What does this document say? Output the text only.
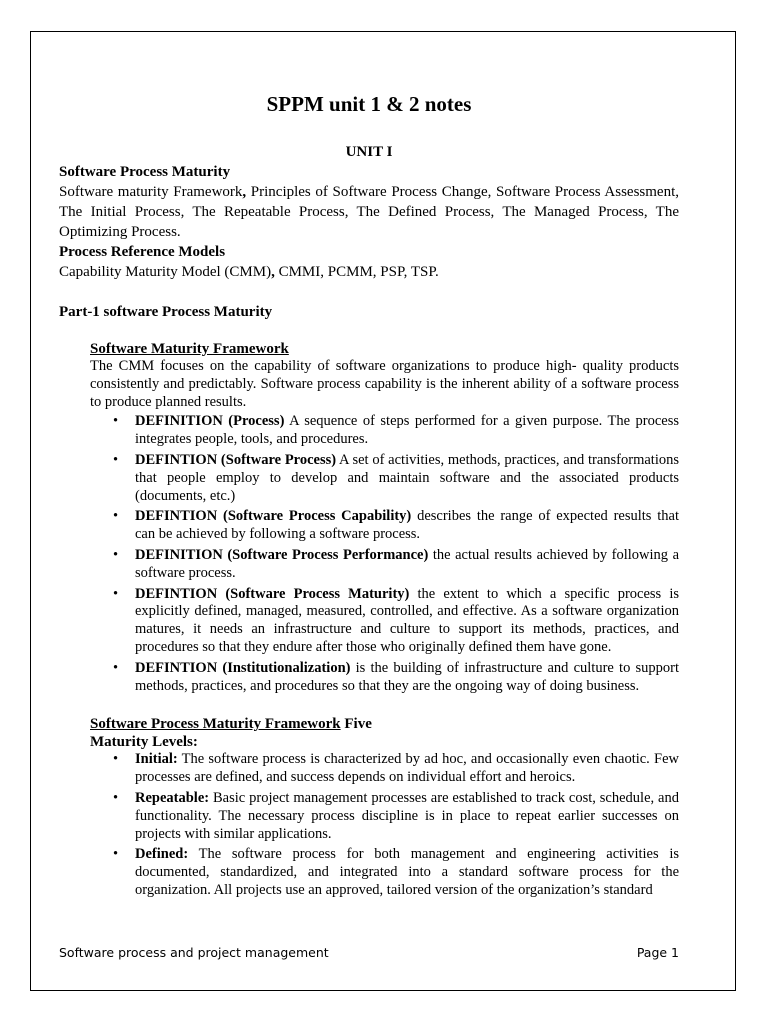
SPPM unit 1 & 2 notes

UNIT I

Software Process Maturity

Software maturity Framework, Principles of Software Process Change, Software Process Assessment, The Initial Process, The Repeatable Process, The Defined Process, The Managed Process, The Optimizing Process.

Process Reference Models

Capability Maturity Model (CMM), CMMI, PCMM, PSP, TSP.

Part-1 software Process Maturity

Software Maturity Framework

The CMM focuses on the capability of software organizations to produce high- quality products consistently and predictably. Software process capability is the inherent ability of a software process to produce planned results.

• DEFINITION (Process) A sequence of steps performed for a given purpose. The process integrates people, tools, and procedures.
• DEFINTION (Software Process) A set of activities, methods, practices, and transformations that people employ to develop and maintain software and the associated products (documents, etc.)
• DEFINTION (Software Process Capability) describes the range of expected results that can be achieved by following a software process.
• DEFINITION (Software Process Performance) the actual results achieved by following a software process.
• DEFINTION (Software Process Maturity) the extent to which a specific process is explicitly defined, managed, measured, controlled, and effective. As a software organization matures, it needs an infrastructure and culture to support its methods, practices, and procedures so that they endure after those who originally defined them have gone.
• DEFINTION (Institutionalization) is the building of infrastructure and culture to support methods, practices, and procedures so that they are the ongoing way of doing business.
Software Process Maturity Framework Five
Maturity Levels:
• Initial: The software process is characterized by ad hoc, and occasionally even chaotic. Few processes are defined, and success depends on individual effort and heroics.
• Repeatable: Basic project management processes are established to track cost, schedule, and functionality. The necessary process discipline is in place to repeat earlier successes on projects with similar applications.
• Defined: The software process for both management and engineering activities is documented, standardized, and integrated into a standard software process for the organization. All projects use an approved, tailored version of the organization’s standard
Software process and project management	Page 1
